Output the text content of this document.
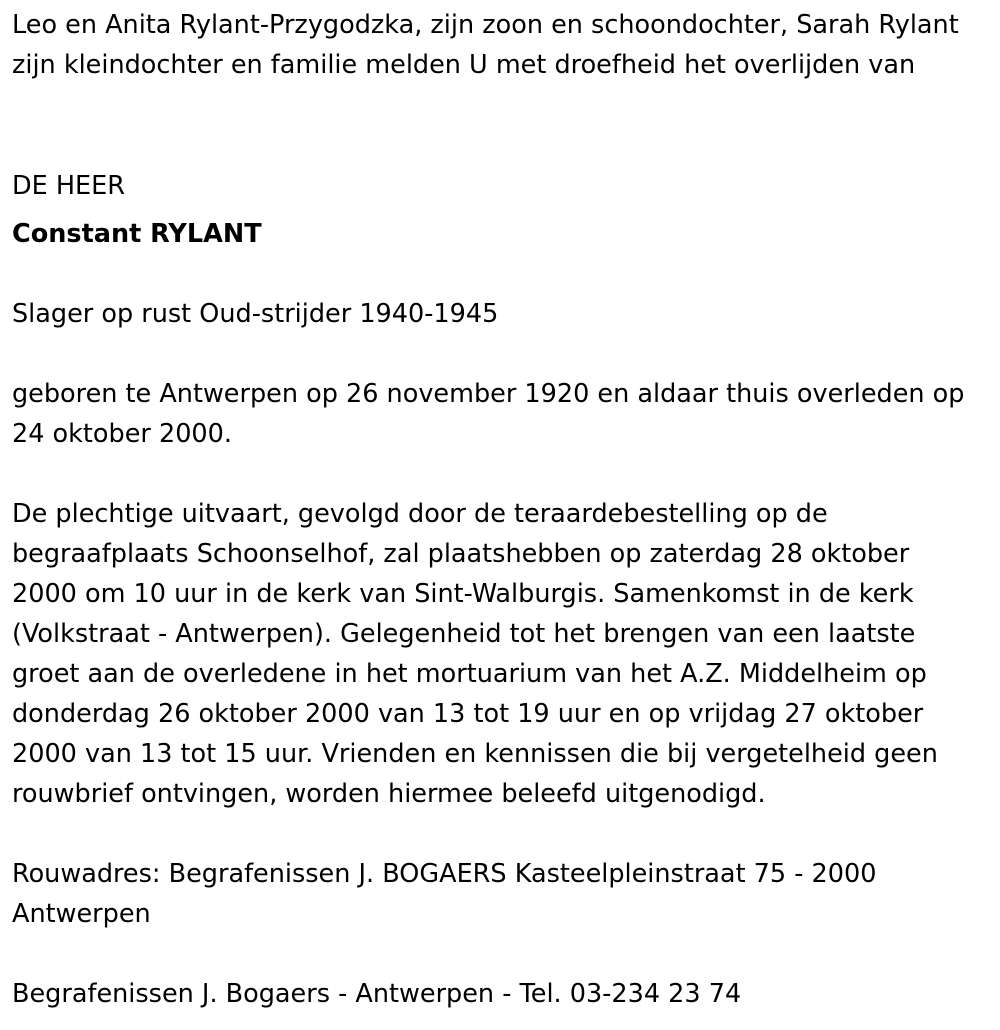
Leo en Anita Rylant-Przygodzka, zijn zoon en schoondochter, Sarah Rylant zijn kleindochter en familie melden U met droefheid het overlijden van

DE HEER

Constant RYLANT

Slager op rust Oud-strijder 1940-1945

geboren te Antwerpen op 26 november 1920 en aldaar thuis overleden op 24 oktober 2000.

De plechtige uitvaart, gevolgd door de teraardebestelling op de begraafplaats Schoonselhof, zal plaatshebben op zaterdag 28 oktober 2000 om 10 uur in de kerk van Sint-Walburgis. Samenkomst in de kerk (Volkstraat - Antwerpen). Gelegenheid tot het brengen van een laatste groet aan de overledene in het mortuarium van het A.Z. Middelheim op donderdag 26 oktober 2000 van 13 tot 19 uur en op vrijdag 27 oktober 2000 van 13 tot 15 uur. Vrienden en kennissen die bij vergetelheid geen rouwbrief ontvingen, worden hiermee beleefd uitgenodigd.

Rouwadres: Begrafenissen J. BOGAERS Kasteelpleinstraat 75 - 2000 Antwerpen

Begrafenissen J. Bogaers - Antwerpen - Tel. 03-234 23 74
